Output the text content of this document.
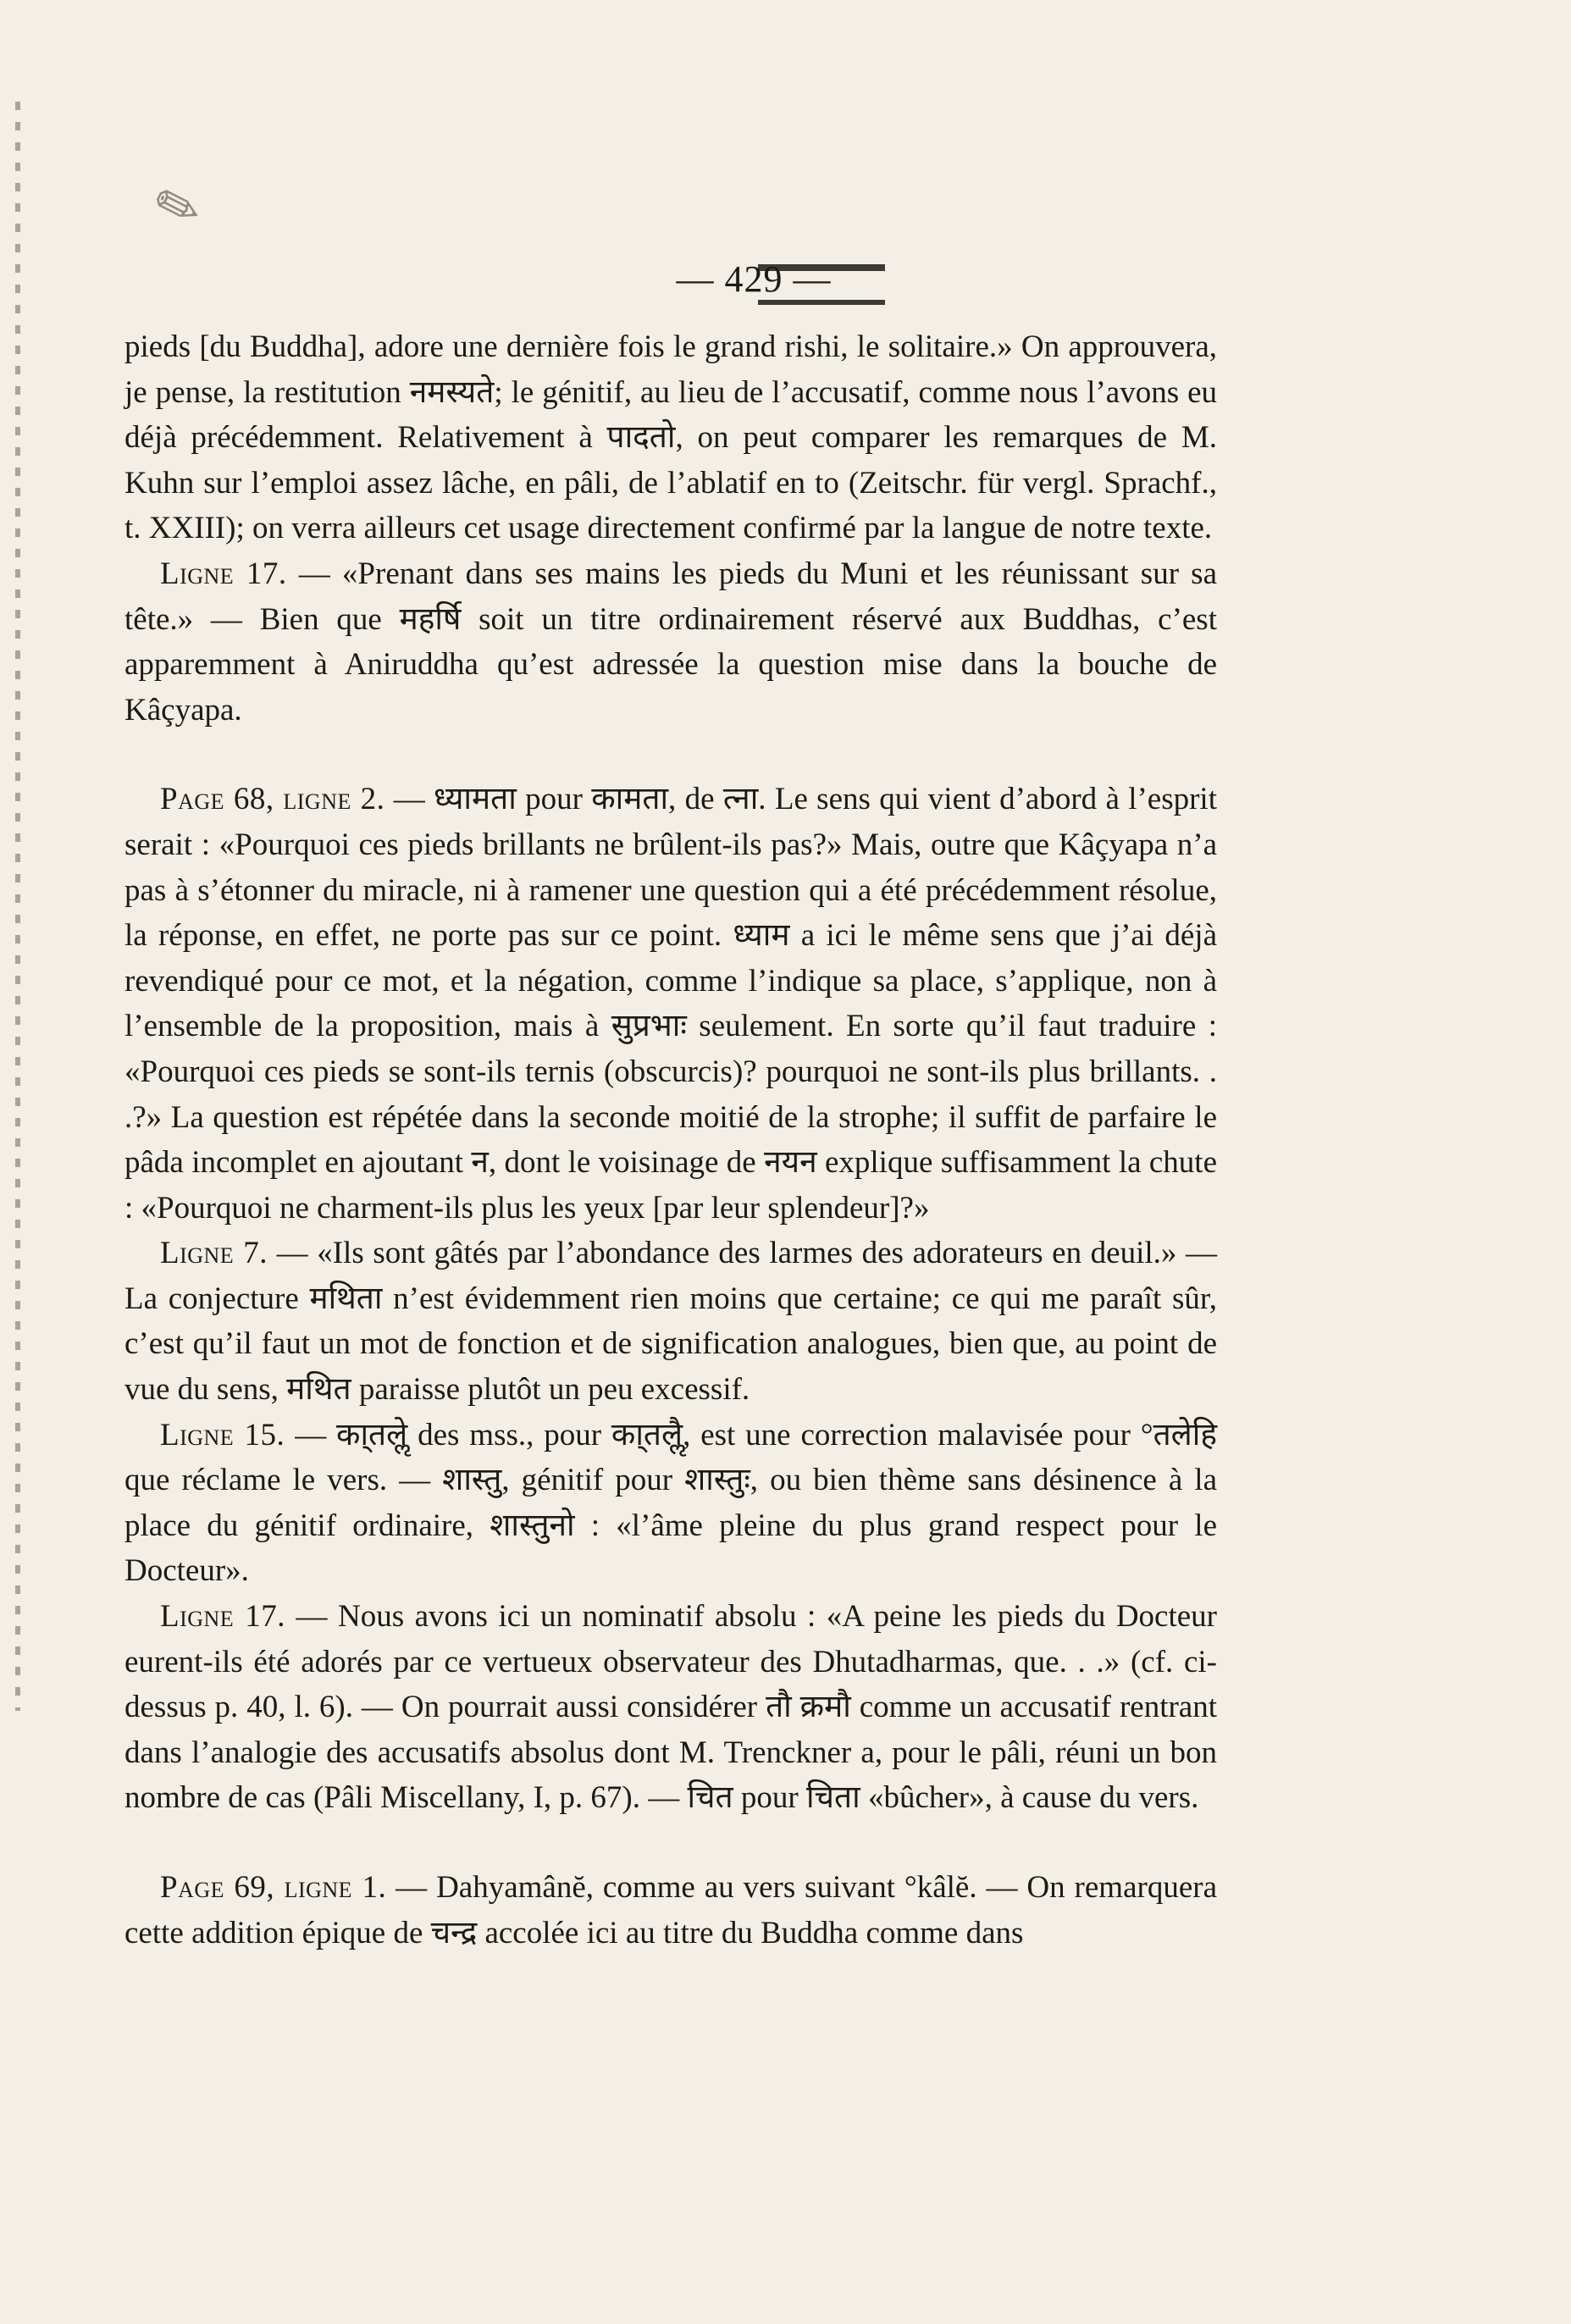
✎
— 429 —

pieds [du Buddha], adore une dernière fois le grand rishi, le solitaire.» On approuvera, je pense, la restitution नमस्यते; le génitif, au lieu de l’accusatif, comme nous l’avons eu déjà précédemment. Relativement à पादतो, on peut comparer les remarques de M. Kuhn sur l’emploi assez lâche, en pâli, de l’ablatif en to (Zeitschr. für vergl. Sprachf., t. XXIII); on verra ailleurs cet usage directement confirmé par la langue de notre texte.

Ligne 17. — «Prenant dans ses mains les pieds du Muni et les réunissant sur sa tête.» — Bien que महर्षि soit un titre ordinairement réservé aux Buddhas, c’est apparemment à Aniruddha qu’est adressée la question mise dans la bouche de Kâçyapa.

Page 68, ligne 2. — ध्यामता pour कामता, de त्ना. Le sens qui vient d’abord à l’esprit serait : «Pourquoi ces pieds brillants ne brûlent-ils pas?» Mais, outre que Kâçyapa n’a pas à s’étonner du miracle, ni à ramener une question qui a été précédemment résolue, la réponse, en effet, ne porte pas sur ce point. ध्याम a ici le même sens que j’ai déjà revendiqué pour ce mot, et la négation, comme l’indique sa place, s’applique, non à l’ensemble de la proposition, mais à सुप्रभाः seulement. En sorte qu’il faut traduire : «Pourquoi ces pieds se sont-ils ternis (obscurcis)? pourquoi ne sont-ils plus brillants. . .?» La question est répétée dans la seconde moitié de la strophe; il suffit de parfaire le pâda incomplet en ajoutant न, dont le voisinage de नयन explique suffisamment la chute : «Pourquoi ne charment-ils plus les yeux [par leur splendeur]?»

Ligne 7. — «Ils sont gâtés par l’abondance des larmes des adorateurs en deuil.» — La conjecture मथिता n’est évidemment rien moins que certaine; ce qui me paraît sûr, c’est qu’il faut un mot de fonction et de signification analogues, bien que, au point de vue du sens, मथित paraisse plutôt un peu excessif.

Ligne 15. — का्तलेॢ des mss., pour का्तलैॢ, est une correction malavisée pour °तलेहि que réclame le vers. — शास्तु, génitif pour शास्तुः, ou bien thème sans désinence à la place du génitif ordinaire, शास्तुनो : «l’âme pleine du plus grand respect pour le Docteur».

Ligne 17. — Nous avons ici un nominatif absolu : «A peine les pieds du Docteur eurent-ils été adorés par ce vertueux observateur des Dhutadharmas, que. . .» (cf. ci-dessus p. 40, l. 6). — On pourrait aussi considérer तौ क्रमौ comme un accusatif rentrant dans l’analogie des accusatifs absolus dont M. Trenckner a, pour le pâli, réuni un bon nombre de cas (Pâli Miscellany, I, p. 67). — चित pour चिता «bûcher», à cause du vers.

Page 69, ligne 1. — Dahyamânĕ, comme au vers suivant °kâlĕ. — On remarquera cette addition épique de चन्द्र accolée ici au titre du Buddha comme dans
